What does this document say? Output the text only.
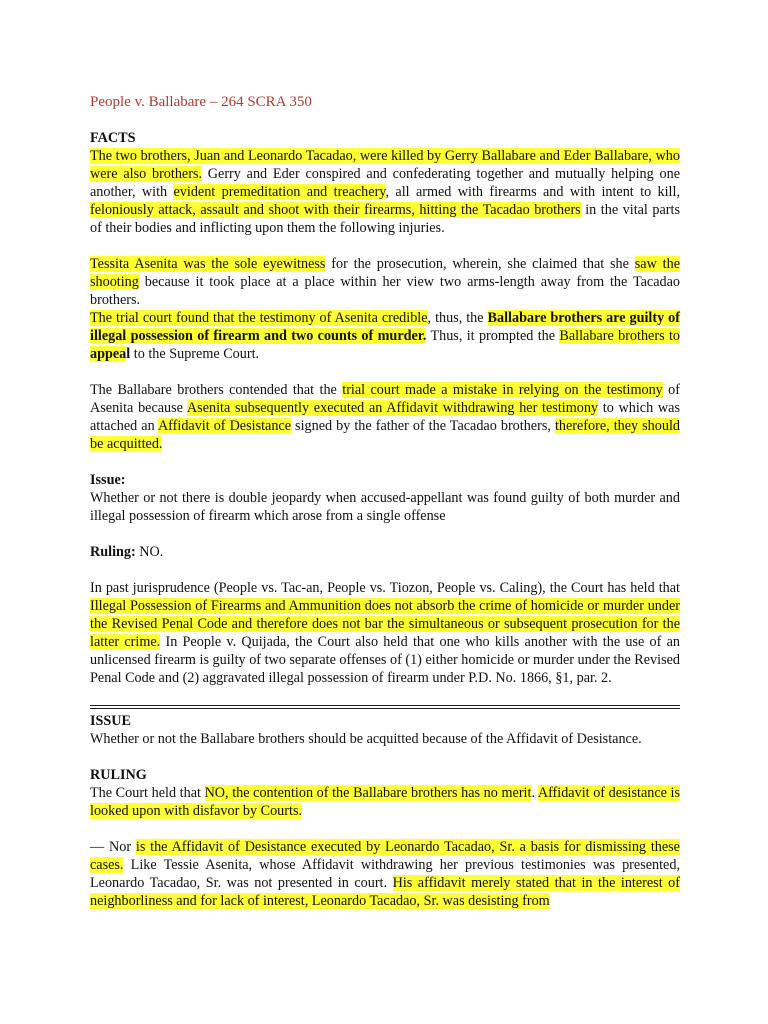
People v. Ballabare – 264 SCRA 350
FACTS

The two brothers, Juan and Leonardo Tacadao, were killed by Gerry Ballabare and Eder Ballabare, who were also brothers. Gerry and Eder conspired and confederating together and mutually helping one another, with evident premeditation and treachery, all armed with firearms and with intent to kill, feloniously attack, assault and shoot with their firearms, hitting the Tacadao brothers in the vital parts of their bodies and inflicting upon them the following injuries.

Tessita Asenita was the sole eyewitness for the prosecution, wherein, she claimed that she saw the shooting because it took place at a place within her view two arms-length away from the Tacadao brothers.

The trial court found that the testimony of Asenita credible, thus, the Ballabare brothers are guilty of illegal possession of firearm and two counts of murder. Thus, it prompted the Ballabare brothers to appeal to the Supreme Court.

The Ballabare brothers contended that the trial court made a mistake in relying on the testimony of Asenita because Asenita subsequently executed an Affidavit withdrawing her testimony to which was attached an Affidavit of Desistance signed by the father of the Tacadao brothers, therefore, they should be acquitted.

Issue:

Whether or not there is double jeopardy when accused-appellant was found guilty of both murder and illegal possession of firearm which arose from a single offense

Ruling: NO.

In past jurisprudence (People vs. Tac-an, People vs. Tiozon, People vs. Caling), the Court has held that Illegal Possession of Firearms and Ammunition does not absorb the crime of homicide or murder under the Revised Penal Code and therefore does not bar the simultaneous or subsequent prosecution for the latter crime. In People v. Quijada, the Court also held that one who kills another with the use of an unlicensed firearm is guilty of two separate offenses of (1) either homicide or murder under the Revised Penal Code and (2) aggravated illegal possession of firearm under P.D. No. 1866, §1, par. 2.

ISSUE

Whether or not the Ballabare brothers should be acquitted because of the Affidavit of Desistance.

RULING

The Court held that NO, the contention of the Ballabare brothers has no merit. Affidavit of desistance is looked upon with disfavor by Courts.

— Nor is the Affidavit of Desistance executed by Leonardo Tacadao, Sr. a basis for dismissing these cases. Like Tessie Asenita, whose Affidavit withdrawing her previous testimonies was presented, Leonardo Tacadao, Sr. was not presented in court. His affidavit merely stated that in the interest of neighborliness and for lack of interest, Leonardo Tacadao, Sr. was desisting from
